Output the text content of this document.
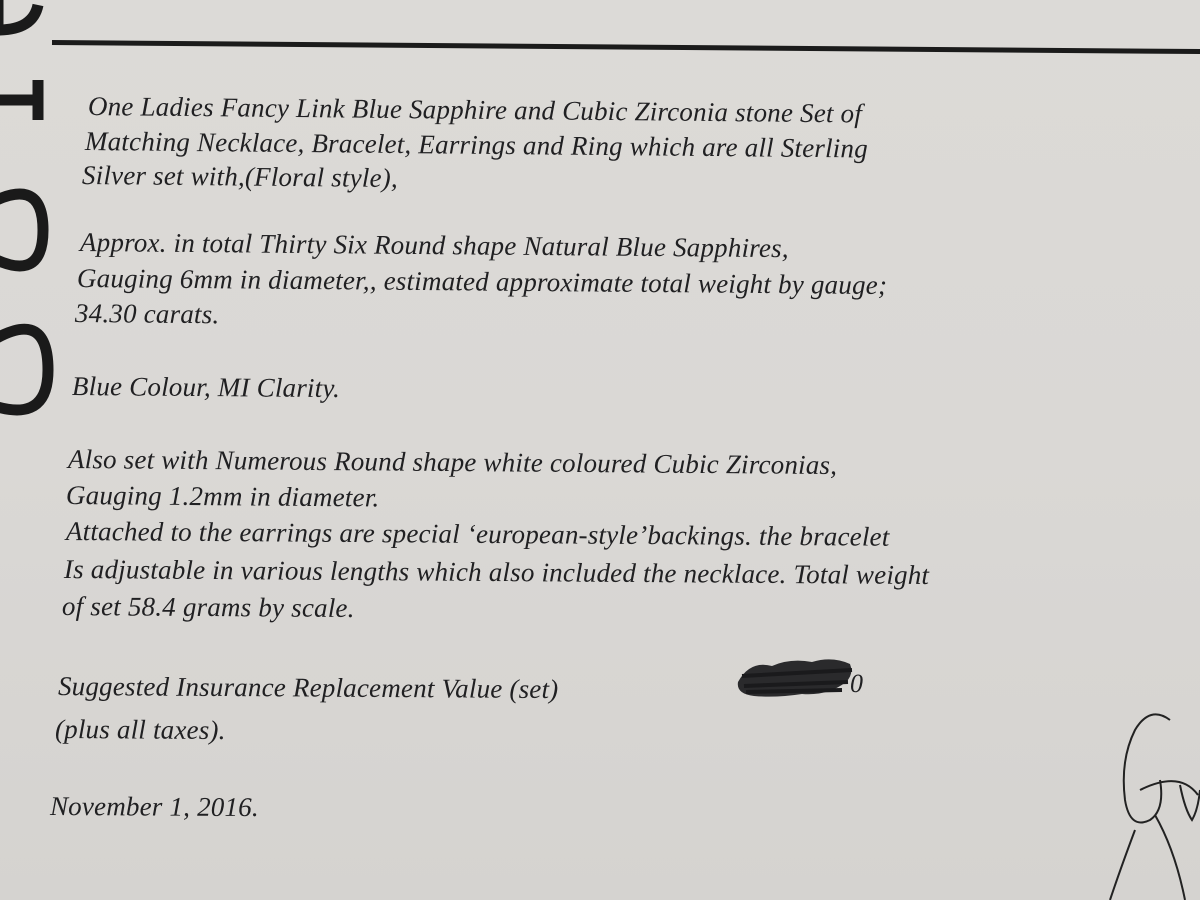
One Ladies Fancy Link Blue Sapphire and Cubic Zirconia stone Set of
Matching Necklace, Bracelet, Earrings and Ring which are all Sterling
Silver set with,(Floral style),
Approx. in total Thirty Six Round shape Natural Blue Sapphires,
Gauging 6mm in diameter,, estimated approximate total weight by gauge;
34.30 carats.
Blue Colour, MI Clarity.
Also set with Numerous Round shape white coloured Cubic Zirconias,
Gauging 1.2mm in diameter.
Attached to the earrings are special ‘european-style’backings. the bracelet
Is adjustable in various lengths which also included the necklace. Total weight
of set 58.4 grams by scale.
Suggested Insurance Replacement Value (set)
(plus all taxes).
November 1, 2016.
0
